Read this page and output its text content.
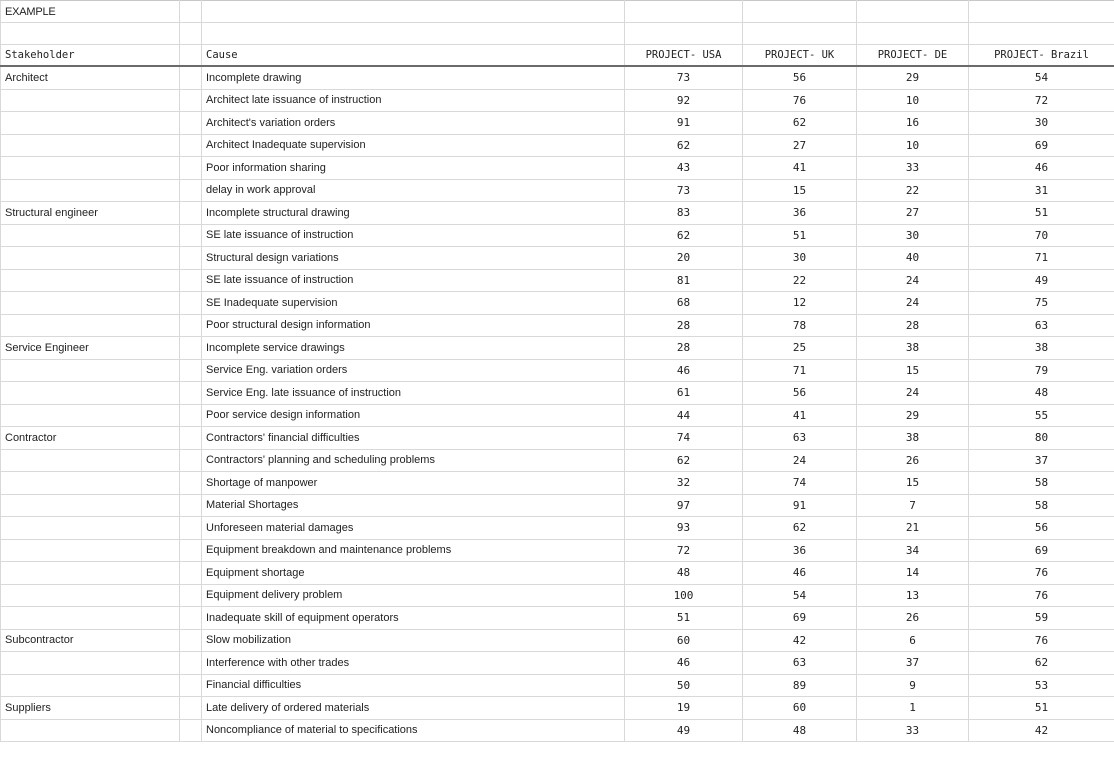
EXAMPLE						

Stakeholder		Cause	PROJECT- USA	PROJECT- UK	PROJECT- DE	PROJECT- Brazil
Architect		Incomplete drawing	73	56	29	54
		Architect late issuance of instruction	92	76	10	72
		Architect's variation orders	91	62	16	30
		Architect Inadequate supervision	62	27	10	69
		Poor information sharing	43	41	33	46
		delay in work approval	73	15	22	31
Structural engineer		Incomplete structural drawing	83	36	27	51
		SE late issuance of instruction	62	51	30	70
		Structural design variations	20	30	40	71
		SE late issuance of instruction	81	22	24	49
		SE Inadequate supervision	68	12	24	75
		Poor structural design information	28	78	28	63
Service Engineer		Incomplete service drawings	28	25	38	38
		Service Eng. variation orders	46	71	15	79
		Service Eng. late issuance of instruction	61	56	24	48
		Poor service design information	44	41	29	55
Contractor		Contractors' financial difficulties	74	63	38	80
		Contractors' planning and scheduling problems	62	24	26	37
		Shortage of manpower	32	74	15	58
		Material Shortages	97	91	7	58
		Unforeseen material damages	93	62	21	56
		Equipment breakdown and maintenance problems	72	36	34	69
		Equipment shortage	48	46	14	76
		Equipment delivery problem	100	54	13	76
		Inadequate skill of equipment operators	51	69	26	59
Subcontractor		Slow mobilization	60	42	6	76
		Interference with other trades	46	63	37	62
		Financial difficulties	50	89	9	53
Suppliers		Late delivery of ordered materials	19	60	1	51
		Noncompliance of material to specifications	49	48	33	42
